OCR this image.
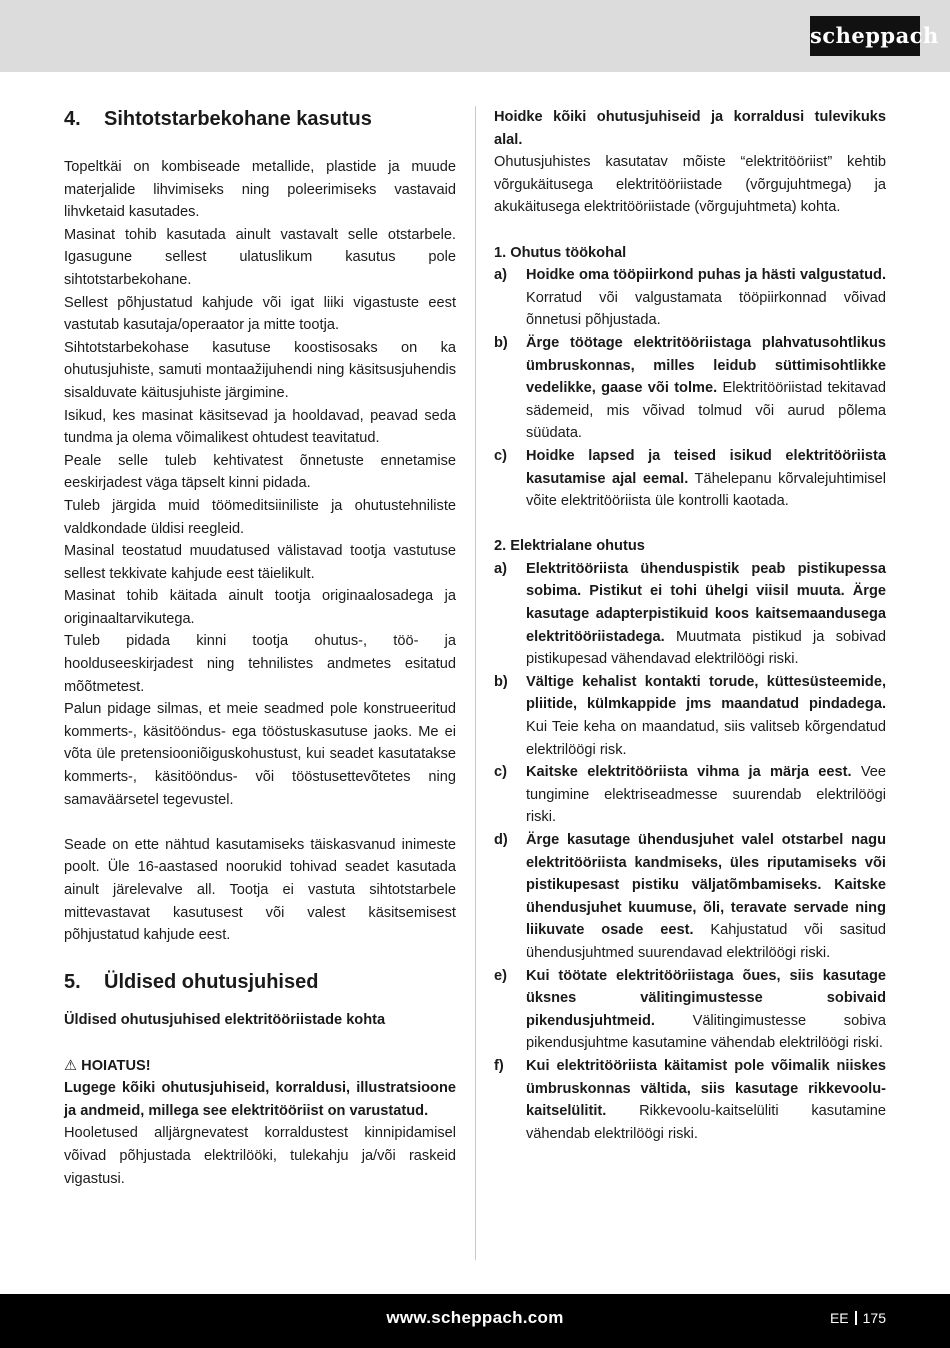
scheppach
4.	Sihtotstarbekohane kasutus

Topeltkäi on kombiseade metallide, plastide ja muude materjalide lihvimiseks ning poleerimiseks vastavaid lihvketaid kasutades.

Masinat tohib kasutada ainult vastavalt selle otstarbele. Igasugune sellest ulatuslikum kasutus pole sihtotstarbekohane.

Sellest põhjustatud kahjude või igat liiki vigastuste eest vastutab kasutaja/operaator ja mitte tootja.

Sihtotstarbekohase kasutuse koostisosaks on ka ohutusjuhiste, samuti montaažijuhendi ning käsitsusjuhendis sisalduvate käitusjuhiste järgimine.

Isikud, kes masinat käsitsevad ja hooldavad, peavad seda tundma ja olema võimalikest ohtudest teavitatud.

Peale selle tuleb kehtivatest õnnetuste ennetamise eeskirjadest väga täpselt kinni pidada.

Tuleb järgida muid töömeditsiiniliste ja ohutustehniliste valdkondade üldisi reegleid.

Masinal teostatud muudatused välistavad tootja vastutuse sellest tekkivate kahjude eest täielikult.

Masinat tohib käitada ainult tootja originaalosadega ja originaaltarvikutega.

Tuleb pidada kinni tootja ohutus-, töö- ja hooldusееskirjadest ning tehnilistes andmetes esitatud mõõtmetest.

Palun pidage silmas, et meie seadmed pole konstrueeritud kommerts-, käsitööndus- ega tööstuskasutuse jaoks. Me ei võta üle pretensiooniõiguskohustust, kui seadet kasutatakse kommerts-, käsitööndus- või tööstusettevõtetes ning samaväärsetel tegevustel.

Seade on ette nähtud kasutamiseks täiskasvanud inimeste poolt. Üle 16-aastased noorukid tohivad seadet kasutada ainult järelevalve all. Tootja ei vastuta sihtotstarbele mittevastavat kasutusest või valest käsitsemisest põhjustatud kahjude eest.

5.	Üldised ohutusjuhised

Üldised ohutusjuhised elektritööriistade kohta

⚠ HOIATUS!

Lugege kõiki ohutusjuhiseid, korraldusi, illustratsioone ja andmeid, millega see elektritööriist on varustatud.

Hooletused alljärgnevatest korraldustest kinnipidamisel võivad põhjustada elektrilööki, tulekahju ja/või raskeid vigastusi.

Hoidke kõiki ohutusjuhiseid ja korraldusi tulevikuks alal.

Ohutusjuhistes kasutatav mõiste “elektritööriist” kehtib võrgukäitusega elektritööriistade (võrgujuhtmega) ja akukäitusega elektritööriistade (võrgujuhtmeta) kohta.

1. Ohutus töökohal

a)	Hoidke oma tööpiirkond puhas ja hästi valgustatud. Korratud või valgustamata tööpiirkonnad võivad õnnetusi põhjustada.
b)	Ärge töötage elektritööriistaga plahvatusohtlikus ümbruskonnas, milles leidub süttimisohtlikke vedelikke, gaase või tolme. Elektritööriistad tekitavad sädemeid, mis võivad tolmud või aurud põlema süüdata.
c)	Hoidke lapsed ja teised isikud elektritööriista kasutamise ajal eemal. Tähelepanu kõrvalejuhtimisel võite elektritööriista üle kontrolli kaotada.

2. Elektrialane ohutus

a)	Elektritööriista ühenduspistik peab pistikupessa sobima. Pistikut ei tohi ühelgi viisil muuta. Ärge kasutage adapterpistikuid koos kaitsemaandusega elektritööriistadega. Muutmata pistikud ja sobivad pistikupesad vähendavad elektrilöögi riski.
b)	Vältige kehalist kontakti torude, küttesüsteemide, pliitide, külmkappide jms maandatud pindadega. Kui Teie keha on maandatud, siis valitseb kõrgendatud elektrilöögi risk.
c)	Kaitske elektritööriista vihma ja märja eest. Vee tungimine elektriseadmesse suurendab elektrilöögi riski.
d)	Ärge kasutage ühendusjuhet valel otstarbel nagu elektritööriista kandmiseks, üles riputamiseks või pistikupesast pistiku väljatõmbamiseks. Kaitske ühendusjuhet kuumuse, õli, teravate servade ning liikuvate osade eest. Kahjustatud või sasitud ühendusjuhtmed suurendavad elektrilöögi riski.
e)	Kui töötate elektritööriistaga õues, siis kasutage üksnes välitingimustesse sobivaid pikendusjuhtmeid. Välitingimustesse sobiva pikendusjuhtme kasutamine vähendab elektrilöögi riski.
f)	Kui elektritööriista käitamist pole võimalik niiskes ümbruskonnas vältida, siis kasutage rikkevoolu-kaitselülitit. Rikkevoolu-kaitselüliti kasutamine vähendab elektrilöögi riski.
www.scheppach.com	EE 175
